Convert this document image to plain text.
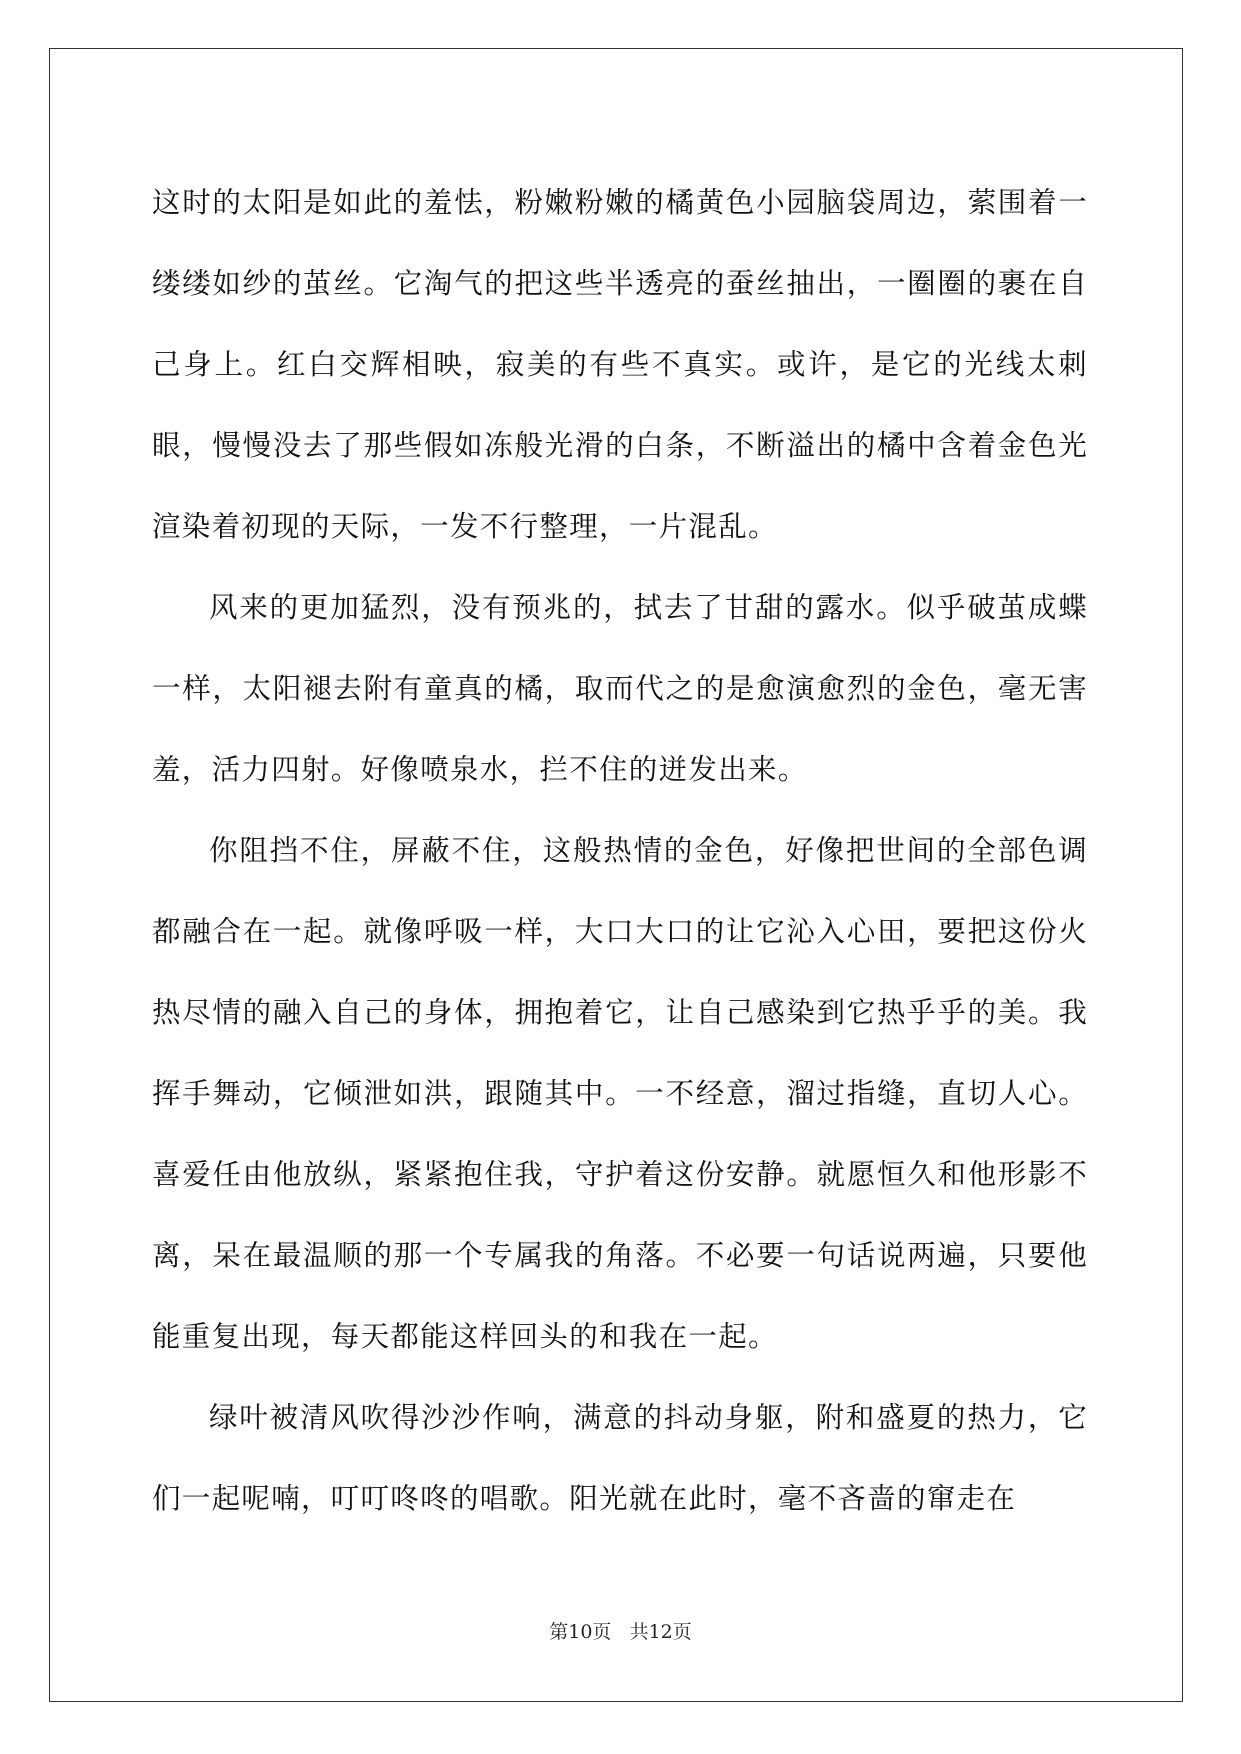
这时的太阳是如此的羞怯，粉嫩粉嫩的橘黄色小园脑袋周边，萦围着一缕缕如纱的茧丝。它淘气的把这些半透亮的蚕丝抽出，一圈圈的裹在自己身上。红白交辉相映，寂美的有些不真实。或许，是它的光线太刺眼，慢慢没去了那些假如冻般光滑的白条，不断溢出的橘中含着金色光渲染着初现的天际，一发不行整理，一片混乱。

风来的更加猛烈，没有预兆的，拭去了甘甜的露水。似乎破茧成蝶一样，太阳褪去附有童真的橘，取而代之的是愈演愈烈的金色，毫无害羞，活力四射。好像喷泉水，拦不住的迸发出来。

你阻挡不住，屏蔽不住，这般热情的金色，好像把世间的全部色调都融合在一起。就像呼吸一样，大口大口的让它沁入心田，要把这份火热尽情的融入自己的身体，拥抱着它，让自己感染到它热乎乎的美。我挥手舞动，它倾泄如洪，跟随其中。一不经意，溜过指缝，直切人心。喜爱任由他放纵，紧紧抱住我，守护着这份安静。就愿恒久和他形影不离，呆在最温顺的那一个专属我的角落。不必要一句话说两遍，只要他能重复出现，每天都能这样回头的和我在一起。

绿叶被清风吹得沙沙作响，满意的抖动身躯，附和盛夏的热力，它们一起呢喃，叮叮咚咚的唱歌。阳光就在此时，毫不吝啬的窜走在

第10页 共12页
